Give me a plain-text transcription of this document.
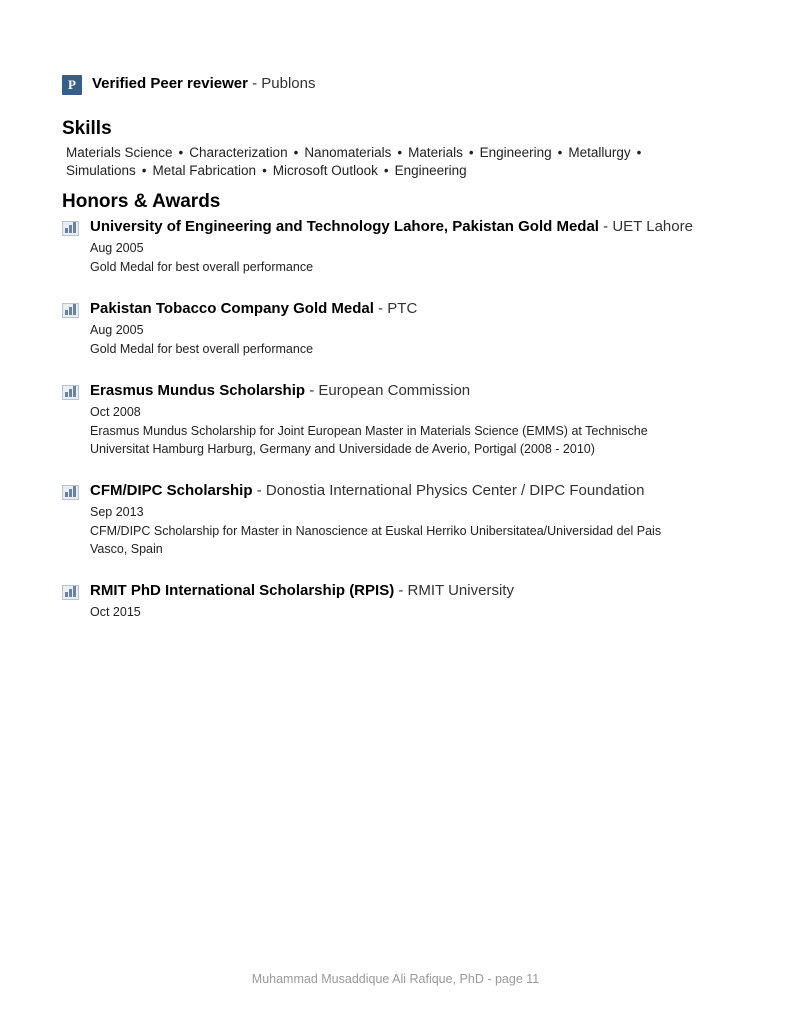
P	Verified Peer reviewer - Publons
Skills
Materials Science • Characterization • Nanomaterials • Materials • Engineering • Metallurgy •Simulations • Metal Fabrication • Microsoft Outlook • Engineering
Honors & Awards
University of Engineering and Technology Lahore, Pakistan Gold Medal - UET Lahore
Aug 2005
Gold Medal for best overall performance
Pakistan Tobacco Company Gold Medal - PTC
Aug 2005
Gold Medal for best overall performance
Erasmus Mundus Scholarship - European Commission
Oct 2008
Erasmus Mundus Scholarship for Joint European Master in Materials Science (EMMS) at Technische Universitat Hamburg Harburg, Germany and Universidade de Averio, Portigal (2008 - 2010)
CFM/DIPC Scholarship - Donostia International Physics Center / DIPC Foundation
Sep 2013
CFM/DIPC Scholarship for Master in Nanoscience at Euskal Herriko Unibersitatea/Universidad del Pais Vasco, Spain
RMIT PhD International Scholarship (RPIS) - RMIT University
Oct 2015
Muhammad Musaddique Ali Rafique, PhD - page 11
